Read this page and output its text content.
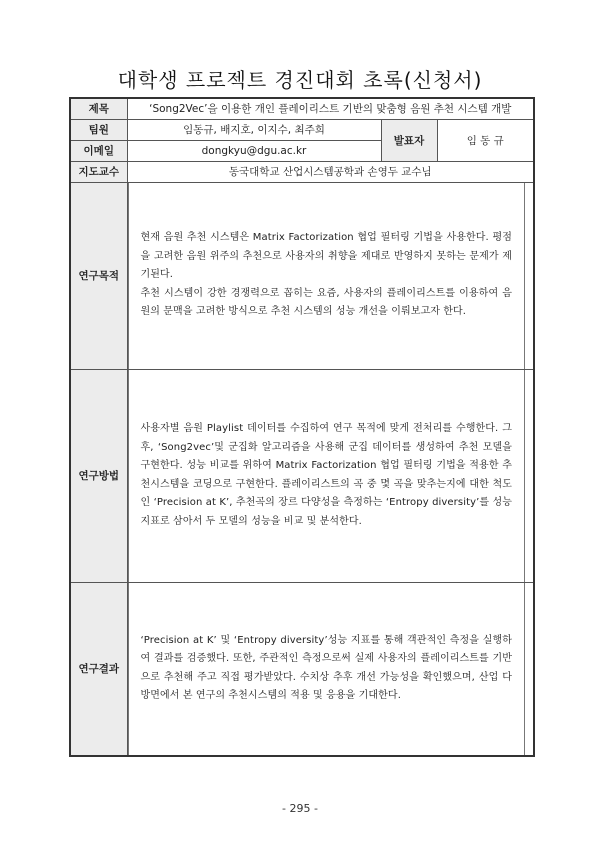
대학생 프로젝트 경진대회 초록(신청서)
제목	‘Song2Vec’을 이용한 개인 플레이리스트 기반의 맞춤형 음원 추천 시스템 개발		
팀원	임동규, 배지호, 이지수, 최주희	발표자	임 동 규
이메일	dongkyu@dgu.ac.kr		
지도교수	동국대학교 산업시스템공학과 손영두 교수님		
연구목적	현재 음원 추천 시스템은 Matrix Factorization 협업 필터링 기법을 사용한다. 평점을 고려한 음원 위주의 추천으로 사용자의 취향을 제대로 반영하지 못하는 문제가 제기된다.

추천 시스템이 강한 경쟁력으로 꼽히는 요즘, 사용자의 플레이리스트를 이용하여 음원의 문맥을 고려한 방식으로 추천 시스템의 성능 개선을 이뤄보고자 한다.		

연구방법	사용자별 음원 Playlist 데이터를 수집하여 연구 목적에 맞게 전처리를 수행한다. 그 후, ‘Song2vec’및 군집화 알고리즘을 사용해 군집 데이터를 생성하여 추천 모델을 구현한다. 성능 비교를 위하여 Matrix Factorization 협업 필터링 기법을 적용한 추천시스템을 코딩으로 구현한다. 플레이리스트의 곡 중 몇 곡을 맞추는지에 대한 척도인 ‘Precision at K’, 추천곡의 장르 다양성을 측정하는 ‘Entropy diversity’를 성능 지표로 삼아서 두 모델의 성능을 비교 및 분석한다.		

연구결과	‘Precision at K’ 및 ‘Entropy diversity’성능 지표를 통해 객관적인 측정을 실행하여 결과를 검증했다. 또한, 주관적인 측정으로써 실제 사용자의 플레이리스트를 기반으로 추천해 주고 직접 평가받았다. 수치상 추후 개선 가능성을 확인했으며, 산업 다방면에서 본 연구의 추천시스템의 적용 및 응용을 기대한다.		

- 295 -
